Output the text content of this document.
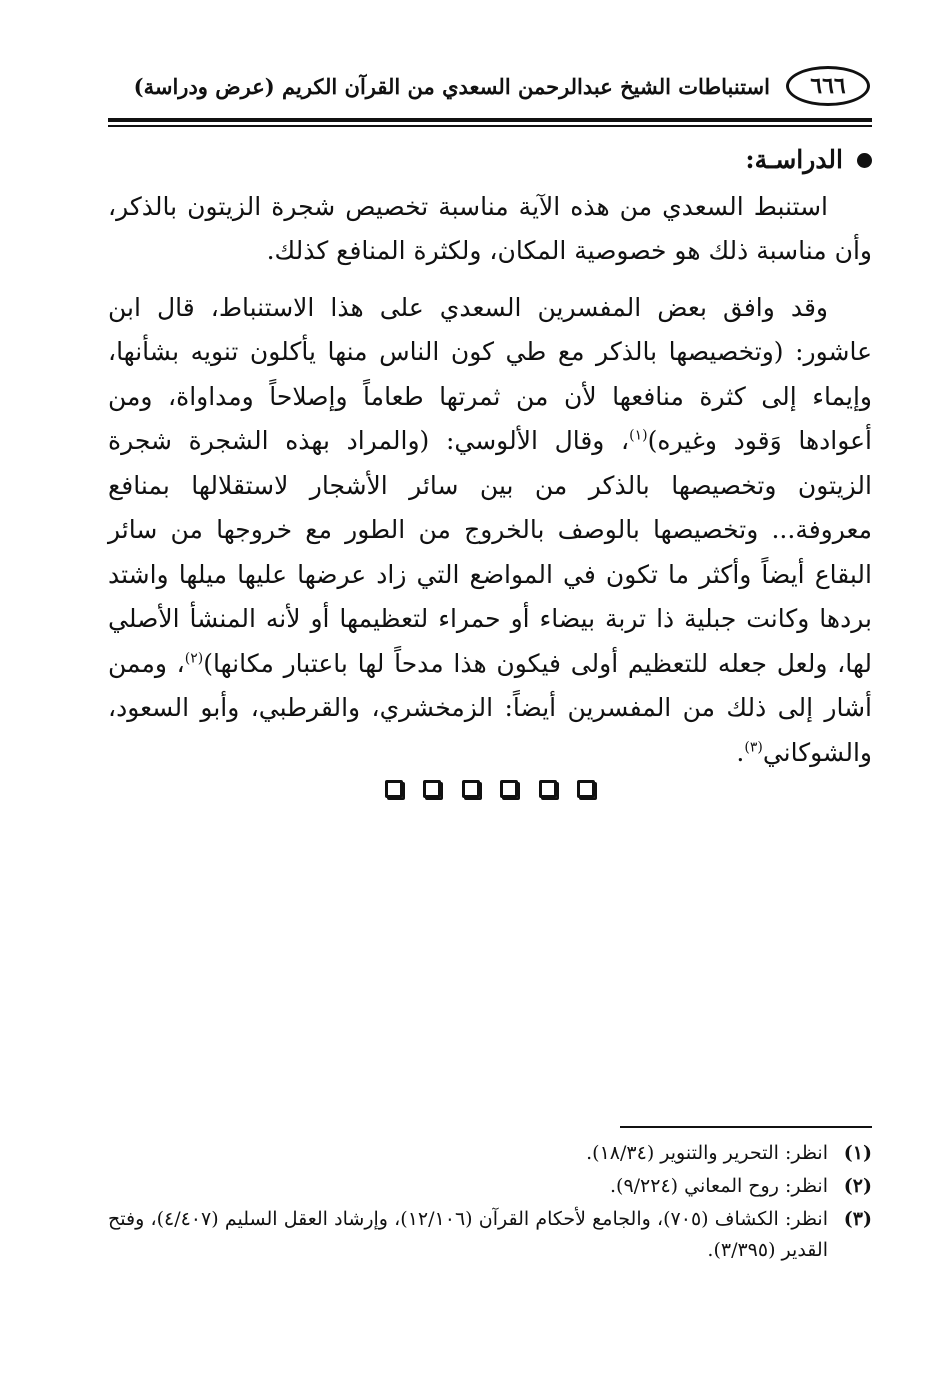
٦٦٦
استنباطات الشيخ عبدالرحمن السعدي من القرآن الكريم (عرض ودراسة)
الدراسـة:

استنبط السعدي من هذه الآية مناسبة تخصيص شجرة الزيتون بالذكر، وأن مناسبة ذلك هو خصوصية المكان، ولكثرة المنافع كذلك.

وقد وافق بعض المفسرين السعدي على هذا الاستنباط، قال ابن عاشور: (وتخصيصها بالذكر مع طي كون الناس منها يأكلون تنويه بشأنها، وإيماء إلى كثرة منافعها لأن من ثمرتها طعاماً وإصلاحاً ومداواة، ومن أعوادها وَقود وغيره)$^{(١)}$، وقال الألوسي: (والمراد بهذه الشجرة شجرة الزيتون وتخصيصها بالذكر من بين سائر الأشجار لاستقلالها بمنافع معروفة... وتخصيصها بالوصف بالخروج من الطور مع خروجها من سائر البقاع أيضاً وأكثر ما تكون في المواضع التي زاد عرضها عليها ميلها واشتد بردها وكانت جبلية ذا تربة بيضاء أو حمراء لتعظيمها أو لأنه المنشأ الأصلي لها، ولعل جعله للتعظيم أولى فيكون هذا مدحاً لها باعتبار مكانها)$^{(٢)}$، وممن أشار إلى ذلك من المفسرين أيضاً: الزمخشري، والقرطبي، وأبو السعود، والشوكاني$^{(٣)}$.

(١)
انظر: التحرير والتنوير (١٨/٣٤).
(٢)
انظر: روح المعاني (٩/٢٢٤).
(٣)
انظر: الكشاف (٧٠٥)، والجامع لأحكام القرآن (١٢/١٠٦)، وإرشاد العقل السليم (٤/٤٠٧)، وفتح القدير (٣/٣٩٥).
